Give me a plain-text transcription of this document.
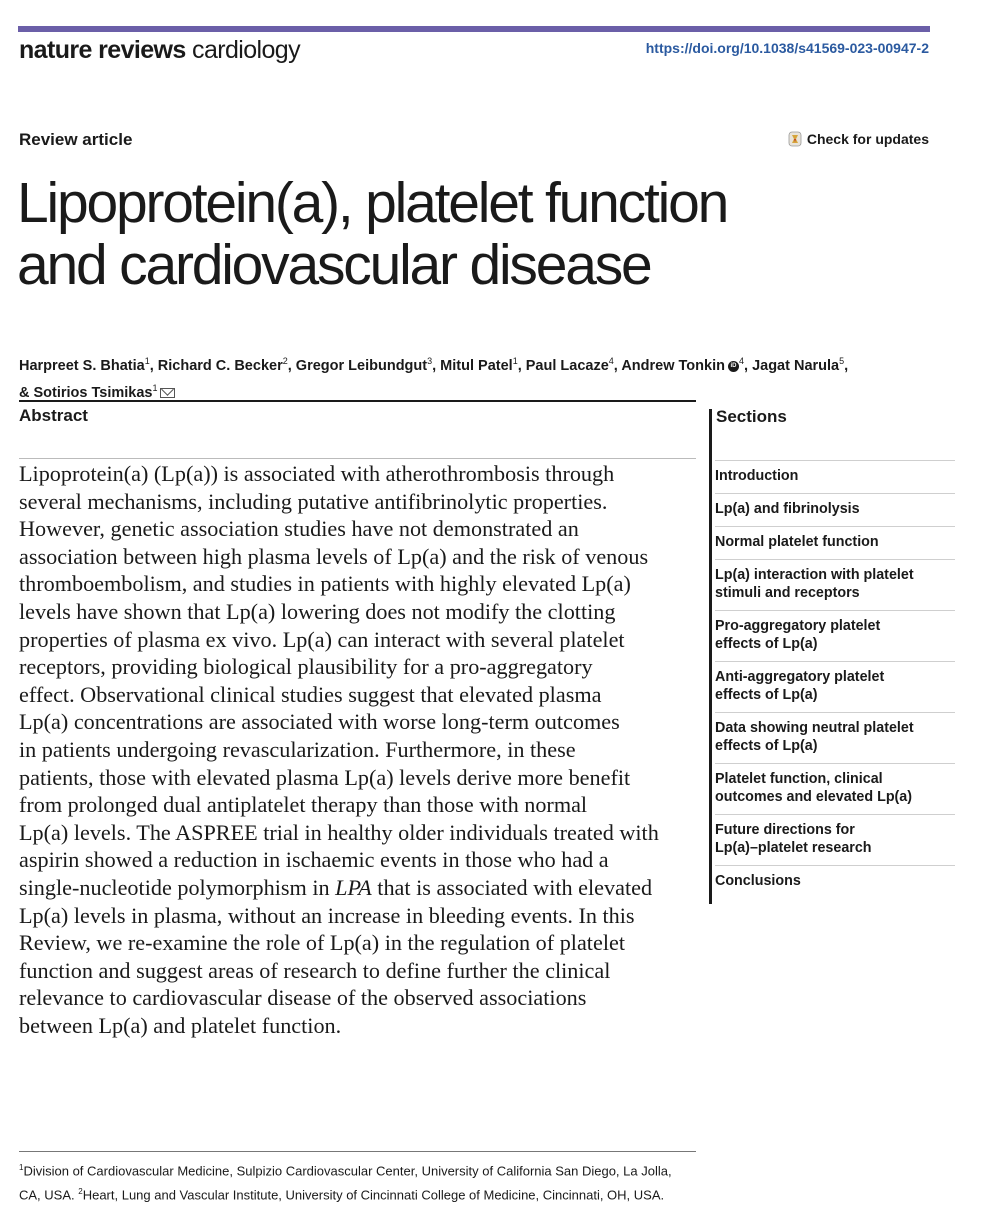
nature reviews cardiology	https://doi.org/10.1038/s41569-023-00947-2
Review article	Check for updates
Lipoprotein(a), platelet function
and cardiovascular disease
Harpreet S. Bhatia$^1$, Richard C. Becker$^2$, Gregor Leibundgut$^3$, Mitul Patel$^1$, Paul Lacaze$^4$, Andrew Tonkin iD $^4$, Jagat Narula$^5$,
& Sotirios Tsimikas$^1$
Abstract

Lipoprotein(a) (Lp(a)) is associated with atherothrombosis through
several mechanisms, including putative antifibrinolytic properties.
However, genetic association studies have not demonstrated an
association between high plasma levels of Lp(a) and the risk of venous
thromboembolism, and studies in patients with highly elevated Lp(a)
levels have shown that Lp(a) lowering does not modify the clotting
properties of plasma ex vivo. Lp(a) can interact with several platelet
receptors, providing biological plausibility for a pro-aggregatory
effect. Observational clinical studies suggest that elevated plasma
Lp(a) concentrations are associated with worse long-term outcomes
in patients undergoing revascularization. Furthermore, in these
patients, those with elevated plasma Lp(a) levels derive more benefit
from prolonged dual antiplatelet therapy than those with normal
Lp(a) levels. The ASPREE trial in healthy older individuals treated with
aspirin showed a reduction in ischaemic events in those who had a
single-nucleotide polymorphism in LPA that is associated with elevated
Lp(a) levels in plasma, without an increase in bleeding events. In this
Review, we re-examine the role of Lp(a) in the regulation of platelet
function and suggest areas of research to define further the clinical
relevance to cardiovascular disease of the observed associations
between Lp(a) and platelet function.

Sections
Introduction
Lp(a) and fibrinolysis
Normal platelet function
Lp(a) interaction with platelet
stimuli and receptors
Pro-aggregatory platelet
effects of Lp(a)
Anti-aggregatory platelet
effects of Lp(a)
Data showing neutral platelet
effects of Lp(a)
Platelet function, clinical
outcomes and elevated Lp(a)
Future directions for
Lp(a)–platelet research
Conclusions
$^1$Division of Cardiovascular Medicine, Sulpizio Cardiovascular Center, University of California San Diego, La Jolla,
CA, USA. $^2$Heart, Lung and Vascular Institute, University of Cincinnati College of Medicine, Cincinnati, OH, USA.
